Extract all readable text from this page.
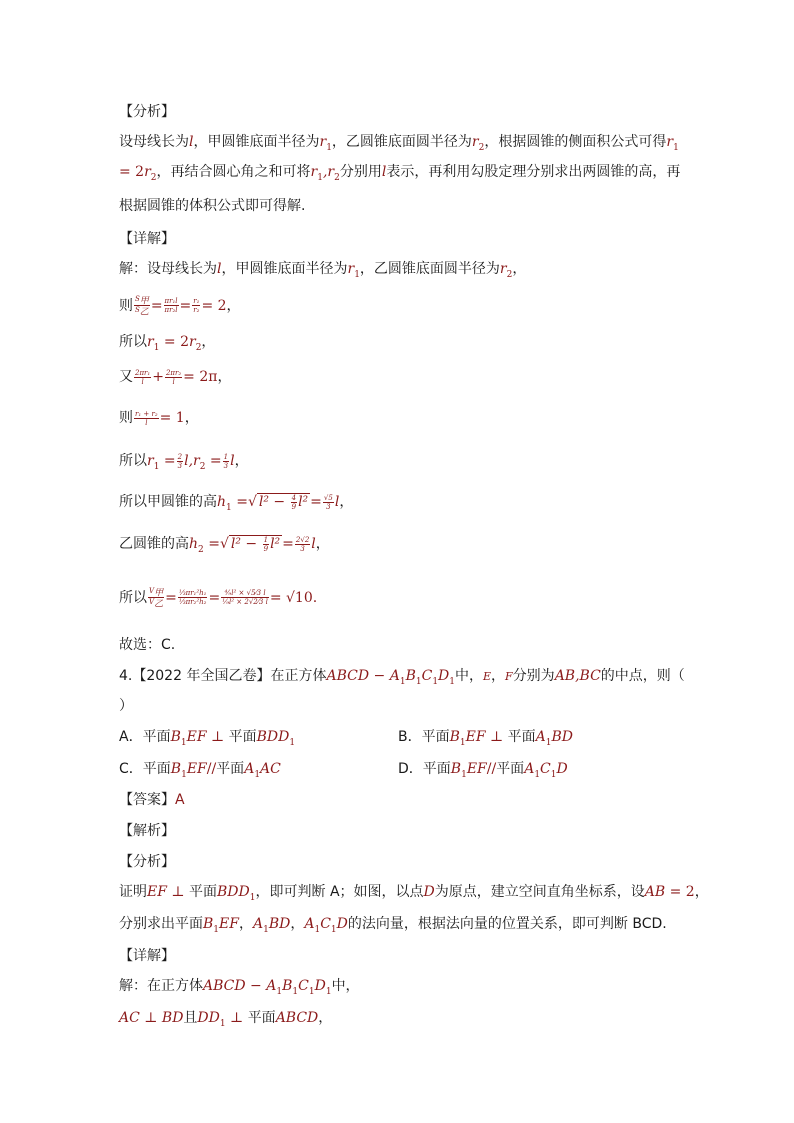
【分析】
设母线长为l，甲圆锥底面半径为$r_1$，乙圆锥底面圆半径为$r_2$，根据圆锥的侧面积公式可得$r_1$
= $2r_2$，再结合圆心角之和可将$r_1,r_2$分别用l表示，再利用勾股定理分别求出两圆锥的高，再
根据圆锥的体积公式即可得解.
【详解】
解：设母线长为l，甲圆锥底面半径为$r_1$，乙圆锥底面圆半径为$r_2$，
则 $\frac{S_甲}{S_乙} = \frac{\text{πr₁l}}{\text{πr₂l}} = \frac{\text{r₁}}{\text{r₂}} = 2$，
所以$r_1 = 2r_2$，
又 $\frac{\text{2πr₁}}{l} + \frac{\text{2πr₂}}{l} = 2\pi$，
则 $\frac{\text{r₁ + r₂}}{l} = 1$，
所以$r_1 = \frac{2}{3} l,r_2 = \frac{1}{3}$ l，
所以甲圆锥的高$h_1$ =√ $l^2 - \frac{4}{9} l^2 = \frac{√5}{3}$ l，
乙圆锥的高$h_2$ =√ $l^2 - \frac{1}{9} l^2 = \frac{2√2}{3}$ l，
所以 $\frac{V_甲}{V_乙} = \frac{\text{⅓πr₁²h₁}}{\text{⅓πr₂²h₂}} = \frac{\text{⁴⁄₉l² × √5⁄3 l}}{\text{¹⁄₉l² × 2√2⁄3 l}} = √10$.
故选：C.
4.【2022 年全国乙卷】在正方体ABCD − $A_1B_1C_1D_1$中，E，F分别为AB,BC的中点，则（
）
A．平面$B_1EF$ ⊥ 平面$BDD_1$	B．平面$B_1EF$ ⊥ 平面$A_1BD$
C．平面$B_1EF//$平面$A_1AC$	D．平面$B_1EF//$平面$A_1C_1D$
【答案】A
【解析】
【分析】
证明EF ⊥ 平面$BDD_1$，即可判断 A；如图，以点D为原点，建立空间直角坐标系，设AB = 2，
分别求出平面$B_1EF$，$A_1BD$，$A_1C_1D$的法向量，根据法向量的位置关系，即可判断 BCD.
【详解】
解：在正方体ABCD − $A_1B_1C_1D_1$中，
AC ⊥ BD且$DD_1$ ⊥ 平面ABCD，
